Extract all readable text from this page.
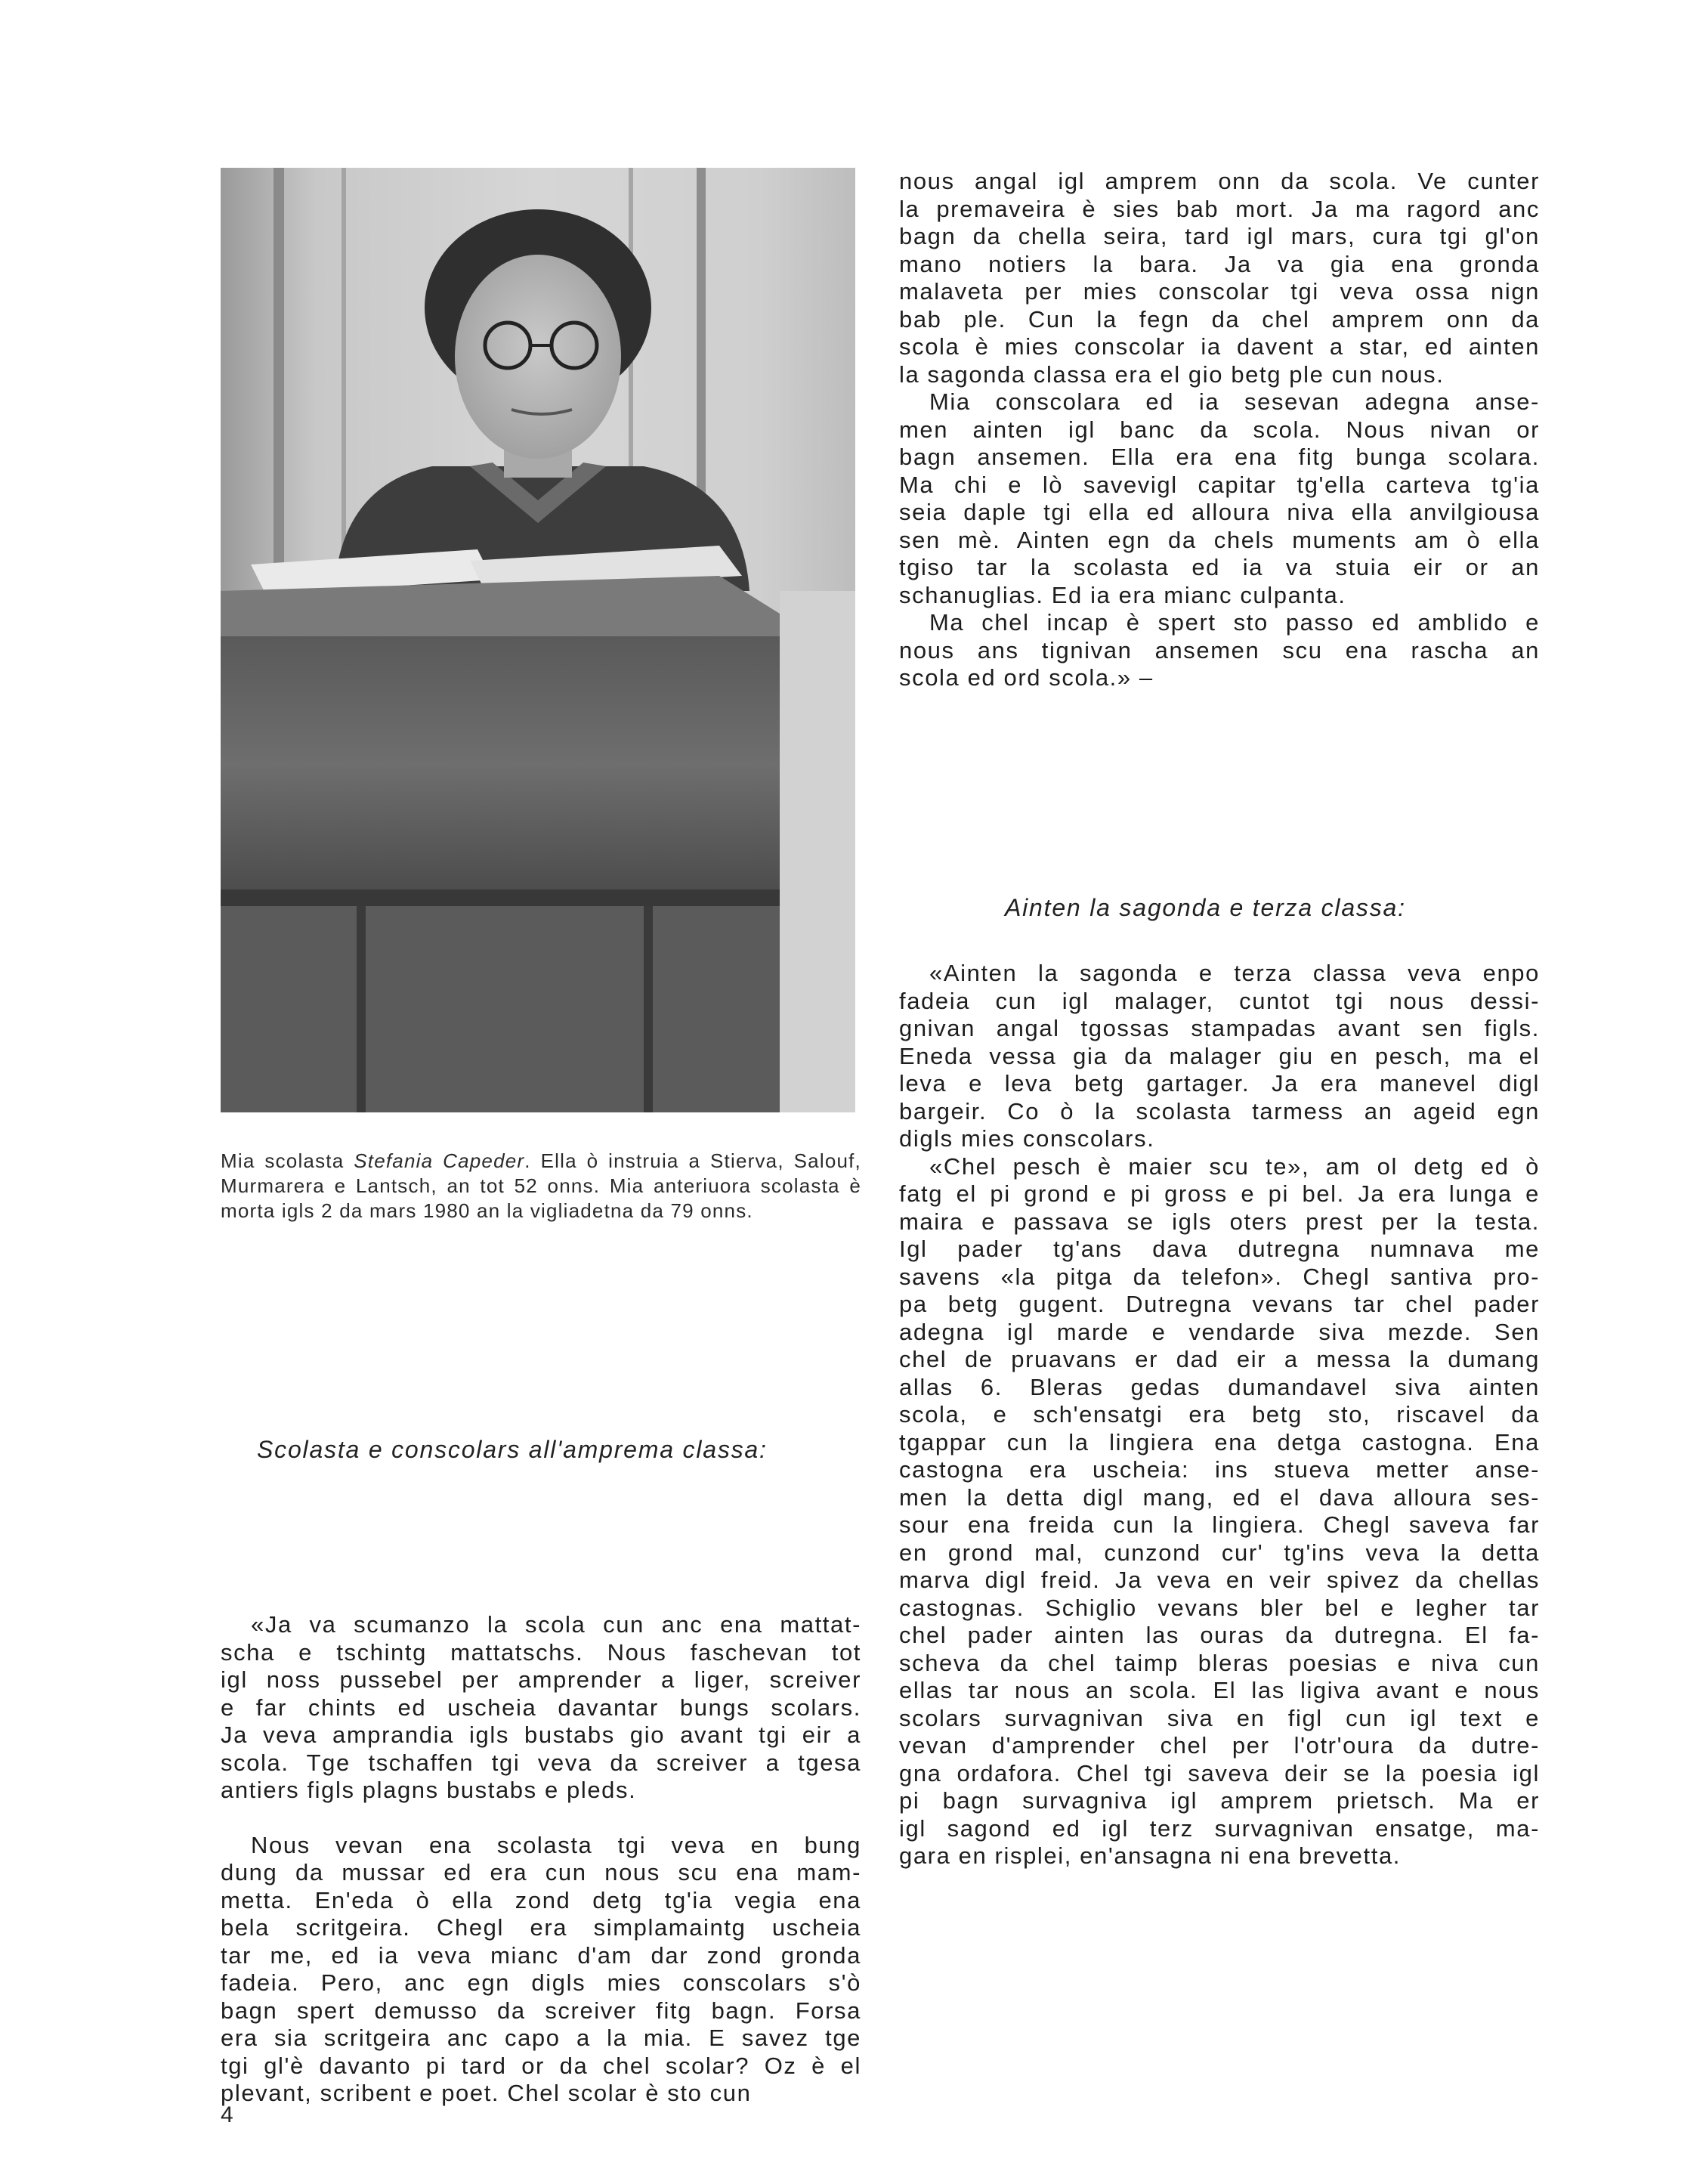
Mia scolasta Stefania Capeder. Ella ò instruia a Stierva, Salouf, Murmarera e Lantsch, an tot 52 onns. Mia anteriuora scolasta è morta igls 2 da mars 1980 an la vigliadetna da 79 onns.

Scolasta e conscolars all'amprema classa:
Ainten la sagonda e terza classa:
nous angal igl amprem onn da scola. Ve cunter
la premaveira è sies bab mort. Ja ma ragord anc
bagn da chella seira, tard igl mars, cura tgi gl'on
mano notiers la bara. Ja va gia ena gronda
malaveta per mies conscolar tgi veva ossa nign
bab ple. Cun la fegn da chel amprem onn da
scola è mies conscolar ia davent a star, ed ainten
la sagonda classa era el gio betg ple cun nous.
Mia conscolara ed ia sesevan adegna anse-
men ainten igl banc da scola. Nous nivan or
bagn ansemen. Ella era ena fitg bunga scolara.
Ma chi e lò savevigl capitar tg'ella carteva tg'ia
seia daple tgi ella ed alloura niva ella anvilgiousa
sen mè. Ainten egn da chels muments am ò ella
tgiso tar la scolasta ed ia va stuia eir or an
schanuglias. Ed ia era mianc culpanta.
Ma chel incap è spert sto passo ed amblido e
nous ans tignivan ansemen scu ena rascha an
scola ed ord scola.» –
«Ainten la sagonda e terza classa veva enpo
fadeia cun igl malager, cuntot tgi nous dessi-
gnivan angal tgossas stampadas avant sen figls.
Eneda vessa gia da malager giu en pesch, ma el
leva e leva betg gartager. Ja era manevel digl
bargeir. Co ò la scolasta tarmess an ageid egn
digls mies conscolars.
«Chel pesch è maier scu te», am ol detg ed ò
fatg el pi grond e pi gross e pi bel. Ja era lunga e
maira e passava se igls oters prest per la testa.
Igl pader tg'ans dava dutregna numnava me
savens «la pitga da telefon». Chegl santiva pro-
pa betg gugent. Dutregna vevans tar chel pader
adegna igl marde e vendarde siva mezde. Sen
chel de pruavans er dad eir a messa la dumang
allas 6. Bleras gedas dumandavel siva ainten
scola, e sch'ensatgi era betg sto, riscavel da
tgappar cun la lingiera ena detga castogna. Ena
castogna era uscheia: ins stueva metter anse-
men la detta digl mang, ed el dava alloura ses-
sour ena freida cun la lingiera. Chegl saveva far
en grond mal, cunzond cur' tg'ins veva la detta
marva digl freid. Ja veva en veir spivez da chellas
castognas. Schiglio vevans bler bel e legher tar
chel pader ainten las ouras da dutregna. El fa-
scheva da chel taimp bleras poesias e niva cun
ellas tar nous an scola. El las ligiva avant e nous
scolars survagnivan siva en figl cun igl text e
vevan d'amprender chel per l'otr'oura da dutre-
gna ordafora. Chel tgi saveva deir se la poesia igl
pi bagn survagniva igl amprem prietsch. Ma er
igl sagond ed igl terz survagnivan ensatge, ma-
gara en risplei, en'ansagna ni ena brevetta.
«Ja va scumanzo la scola cun anc ena mattat-
scha e tschintg mattatschs. Nous faschevan tot
igl noss pussebel per amprender a liger, screiver
e far chints ed uscheia davantar bungs scolars.
Ja veva amprandia igls bustabs gio avant tgi eir a
scola. Tge tschaffen tgi veva da screiver a tgesa
antiers figls plagns bustabs e pleds.
Nous vevan ena scolasta tgi veva en bung
dung da mussar ed era cun nous scu ena mam-
metta. En'eda ò ella zond detg tg'ia vegia ena
bela scritgeira. Chegl era simplamaintg uscheia
tar me, ed ia veva mianc d'am dar zond gronda
fadeia. Pero, anc egn digls mies conscolars s'ò
bagn spert demusso da screiver fitg bagn. Forsa
era sia scritgeira anc capo a la mia. E savez tge
tgi gl'è davanto pi tard or da chel scolar? Oz è el
plevant, scribent e poet. Chel scolar è sto cun
4
